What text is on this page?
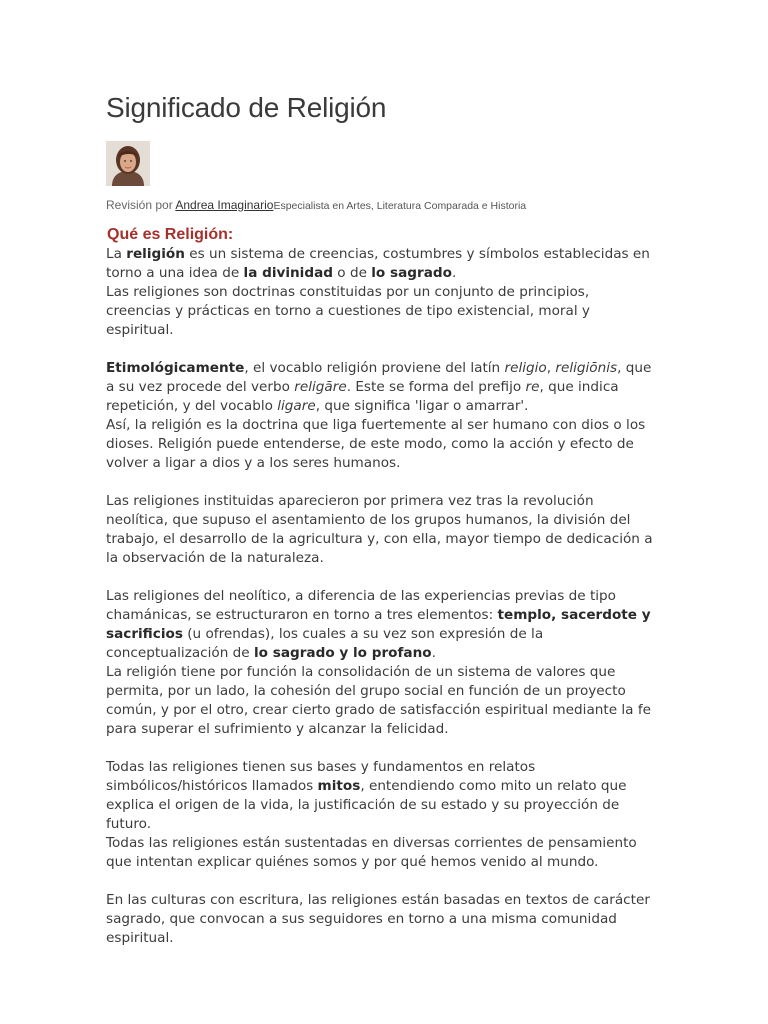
Significado de Religión
Revisión por Andrea ImaginarioEspecialista en Artes, Literatura Comparada e Historia
Qué es Religión:

La religión es un sistema de creencias, costumbres y símbolos establecidas en torno a una idea de la divinidad o de lo sagrado.

Las religiones son doctrinas constituidas por un conjunto de principios, creencias y prácticas en torno a cuestiones de tipo existencial, moral y espiritual.

Etimológicamente, el vocablo religión proviene del latín religio, religiōnis, que a su vez procede del verbo religāre. Este se forma del prefijo re, que indica repetición, y del vocablo ligare, que significa 'ligar o amarrar'.

Así, la religión es la doctrina que liga fuertemente al ser humano con dios o los dioses. Religión puede entenderse, de este modo, como la acción y efecto de volver a ligar a dios y a los seres humanos.

Las religiones instituidas aparecieron por primera vez tras la revolución neolítica, que supuso el asentamiento de los grupos humanos, la división del trabajo, el desarrollo de la agricultura y, con ella, mayor tiempo de dedicación a la observación de la naturaleza.

Las religiones del neolítico, a diferencia de las experiencias previas de tipo chamánicas, se estructuraron en torno a tres elementos: templo, sacerdote y sacrificios (u ofrendas), los cuales a su vez son expresión de la conceptualización de lo sagrado y lo profano.

La religión tiene por función la consolidación de un sistema de valores que permita, por un lado, la cohesión del grupo social en función de un proyecto común, y por el otro, crear cierto grado de satisfacción espiritual mediante la fe para superar el sufrimiento y alcanzar la felicidad.

Todas las religiones tienen sus bases y fundamentos en relatos simbólicos/históricos llamados mitos, entendiendo como mito un relato que explica el origen de la vida, la justificación de su estado y su proyección de futuro.

Todas las religiones están sustentadas en diversas corrientes de pensamiento que intentan explicar quiénes somos y por qué hemos venido al mundo.

En las culturas con escritura, las religiones están basadas en textos de carácter sagrado, que convocan a sus seguidores en torno a una misma comunidad espiritual.
